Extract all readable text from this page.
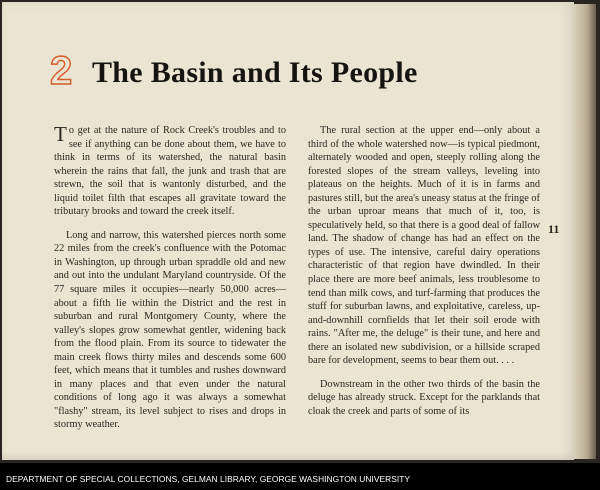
2 The Basin and Its People

To get at the nature of Rock Creek's troubles and to see if anything can be done about them, we have to think in terms of its watershed, the natural basin wherein the rains that fall, the junk and trash that are strewn, the soil that is wantonly disturbed, and the liquid toilet filth that escapes all gravitate toward the tributary brooks and toward the creek itself.

Long and narrow, this watershed pierces north some 22 miles from the creek's confluence with the Potomac in Washington, up through urban spraddle old and new and out into the undulant Maryland countryside. Of the 77 square miles it occupies—nearly 50,000 acres—about a fifth lie within the District and the rest in suburban and rural Montgomery County, where the valley's slopes grow somewhat gentler, widening back from the flood plain. From its source to tidewater the main creek flows thirty miles and descends some 600 feet, which means that it tumbles and rushes downward in many places and that even under the natural conditions of long ago it was always a somewhat "flashy" stream, its level subject to rises and drops in stormy weather.

The rural section at the upper end—only about a third of the whole watershed now—is typical piedmont, alternately wooded and open, steeply rolling along the forested slopes of the stream valleys, leveling into plateaus on the heights. Much of it is in farms and pastures still, but the area's uneasy status at the fringe of the urban uproar means that much of it, too, is speculatively held, so that there is a good deal of fallow land. The shadow of change has had an effect on the types of use. The intensive, careful dairy operations characteristic of that region have dwindled. In their place there are more beef animals, less troublesome to tend than milk cows, and turf-farming that produces the stuff for suburban lawns, and exploitative, careless, up-and-downhill cornfields that let their soil erode with rains. "After me, the deluge" is their tune, and here and there an isolated new subdivision, or a hillside scraped bare for development, seems to bear them out. . . .

Downstream in the other two thirds of the basin the deluge has already struck. Except for the parklands that cloak the creek and parts of some of its

11
DEPARTMENT OF SPECIAL COLLECTIONS, GELMAN LIBRARY, GEORGE WASHINGTON UNIVERSITY
